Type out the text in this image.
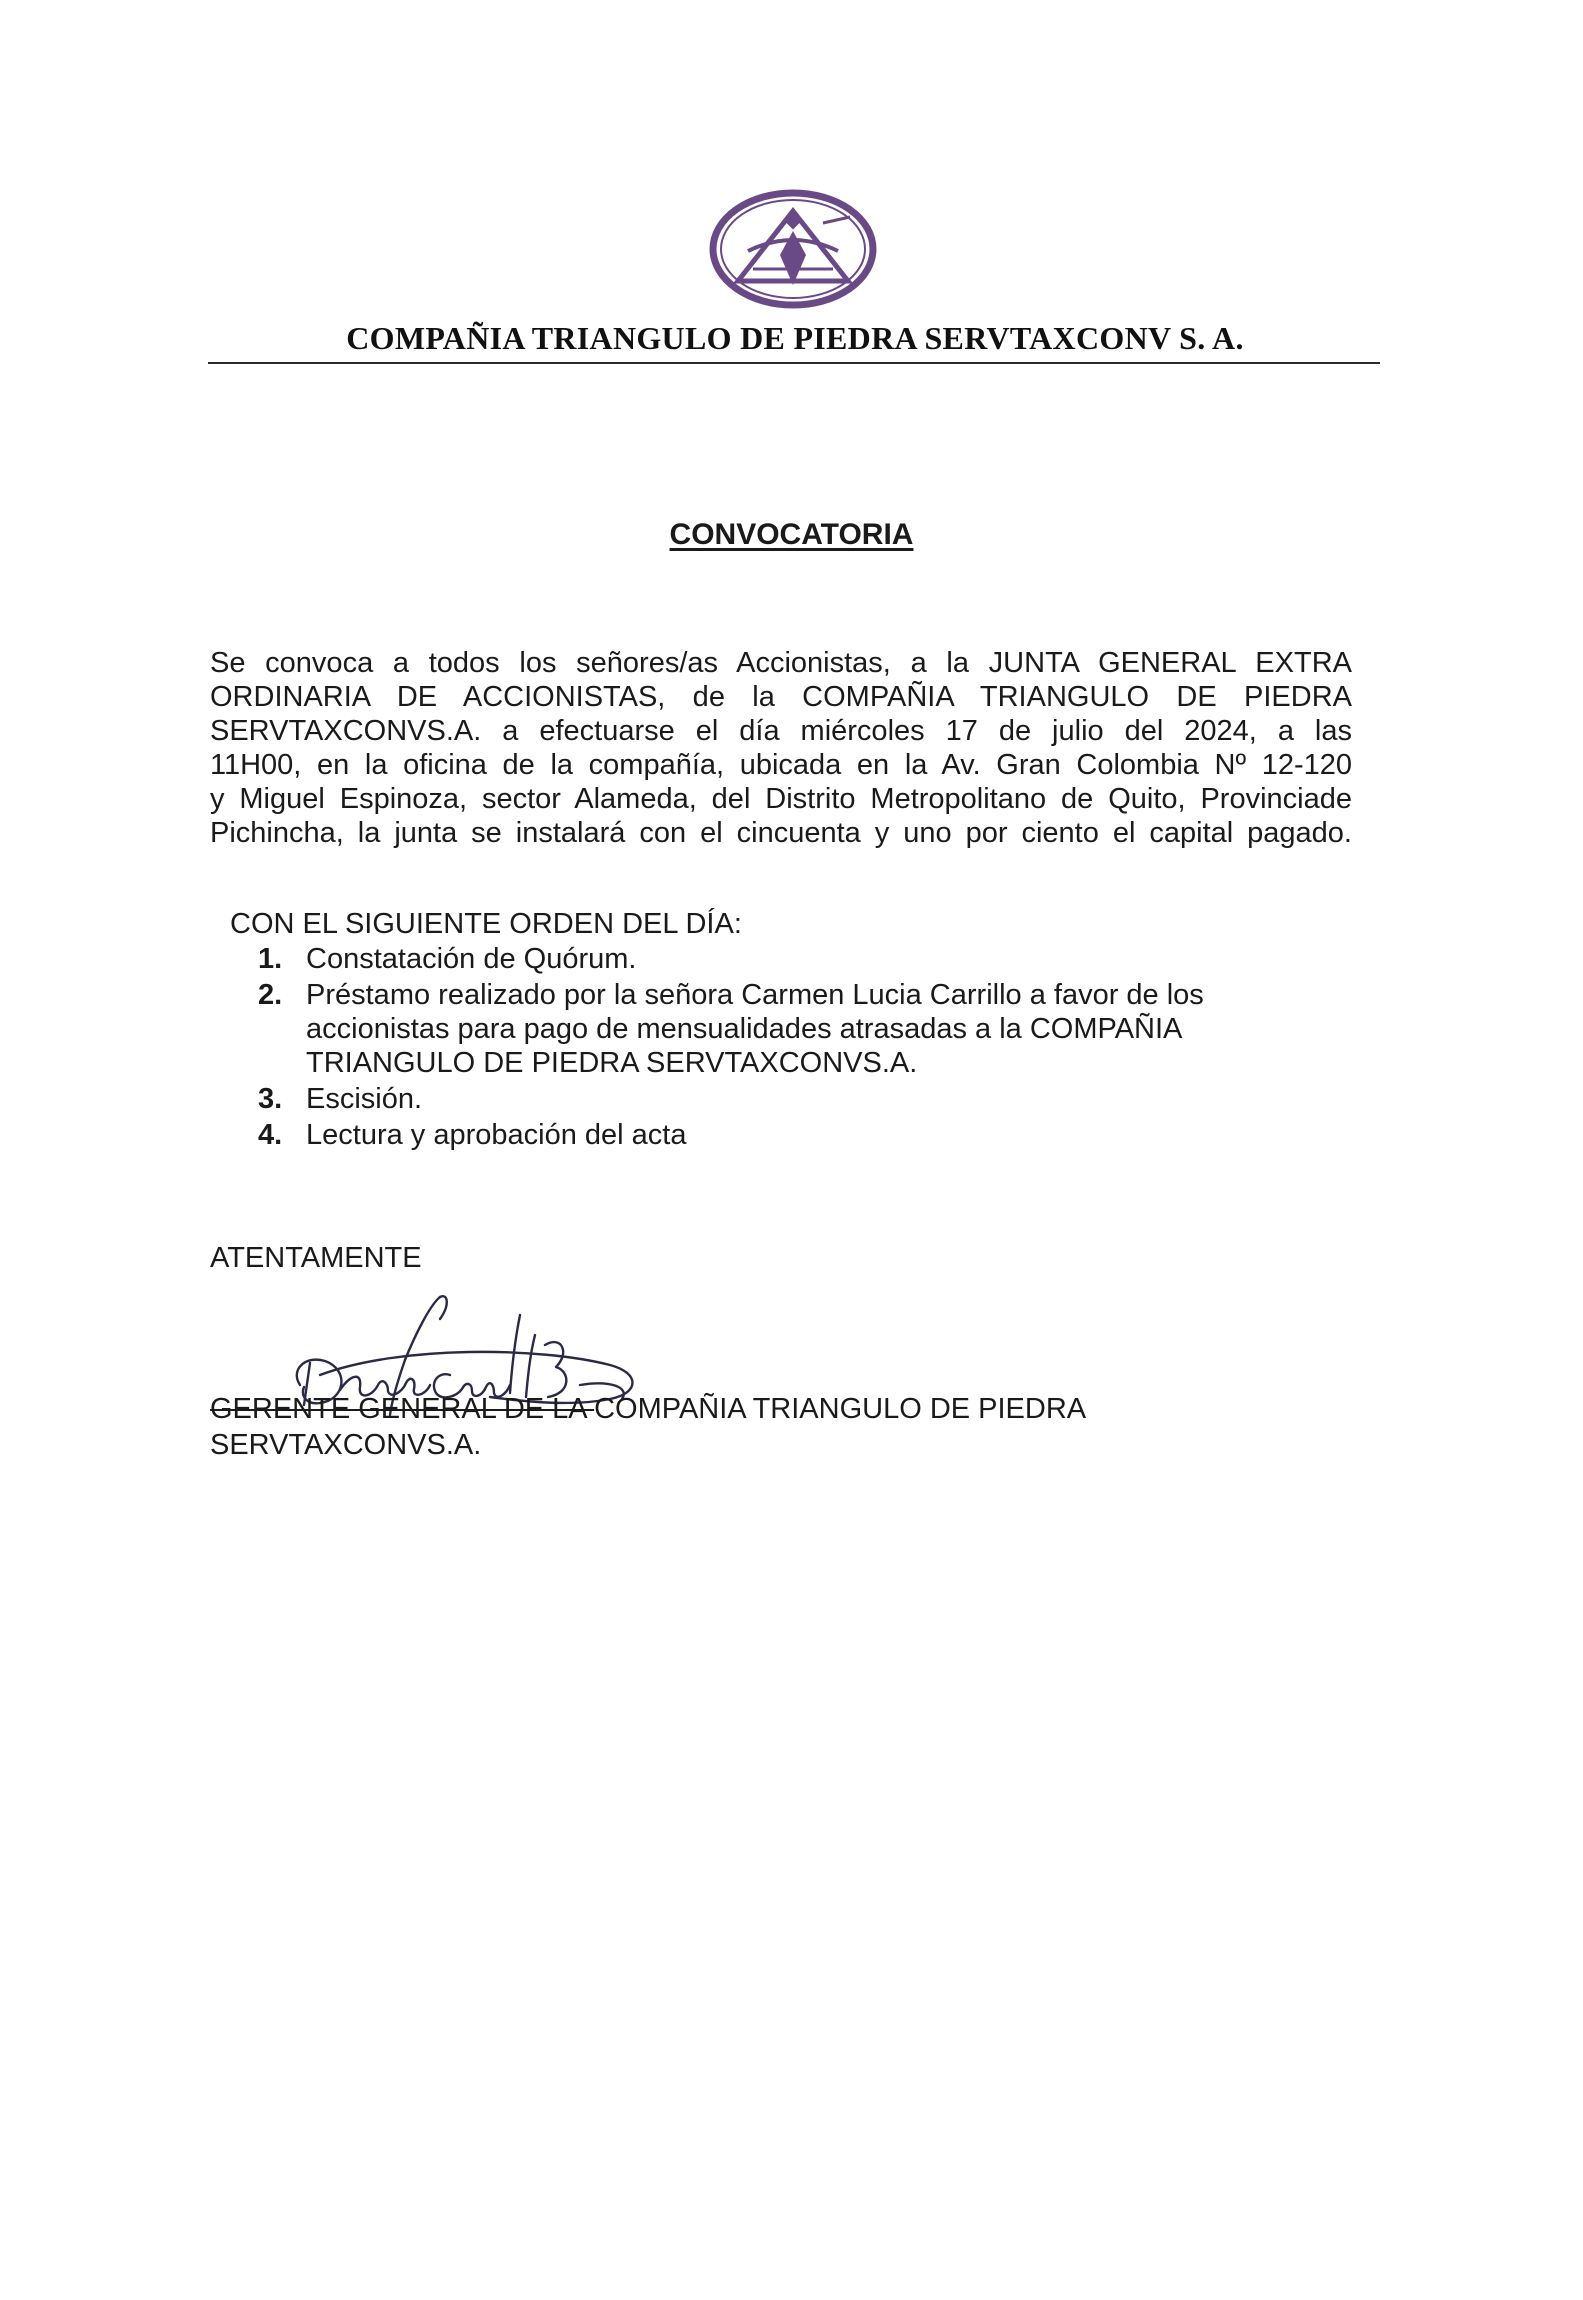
COMPAÑIA TRIANGULO DE PIEDRA SERVTAXCONV S. A.
CONVOCATORIA
Se convoca a todos los señores/as Accionistas, a la JUNTA GENERAL EXTRA
ORDINARIA DE ACCIONISTAS, de la COMPAÑIA TRIANGULO DE PIEDRA
SERVTAXCONVS.A. a efectuarse el día miércoles 17 de julio del 2024, a las
11H00, en la oficina de la compañía, ubicada en la Av. Gran Colombia Nº 12-120
y Miguel Espinoza, sector Alameda, del Distrito Metropolitano de Quito, Provinciade
Pichincha, la junta se instalará con el cincuenta y uno por ciento el capital pagado.
CON EL SIGUIENTE ORDEN DEL DÍA:
1. Constatación de Quórum.
2. Préstamo realizado por la señora Carmen Lucia Carrillo a favor de los
accionistas para pago de mensualidades atrasadas a la COMPAÑIA
TRIANGULO DE PIEDRA SERVTAXCONVS.A.
3. Escisión.
4. Lectura y aprobación del acta
ATENTAMENTE
GERENTE GENERAL DE LA COMPAÑIA TRIANGULO DE PIEDRA
SERVTAXCONVS.A.
